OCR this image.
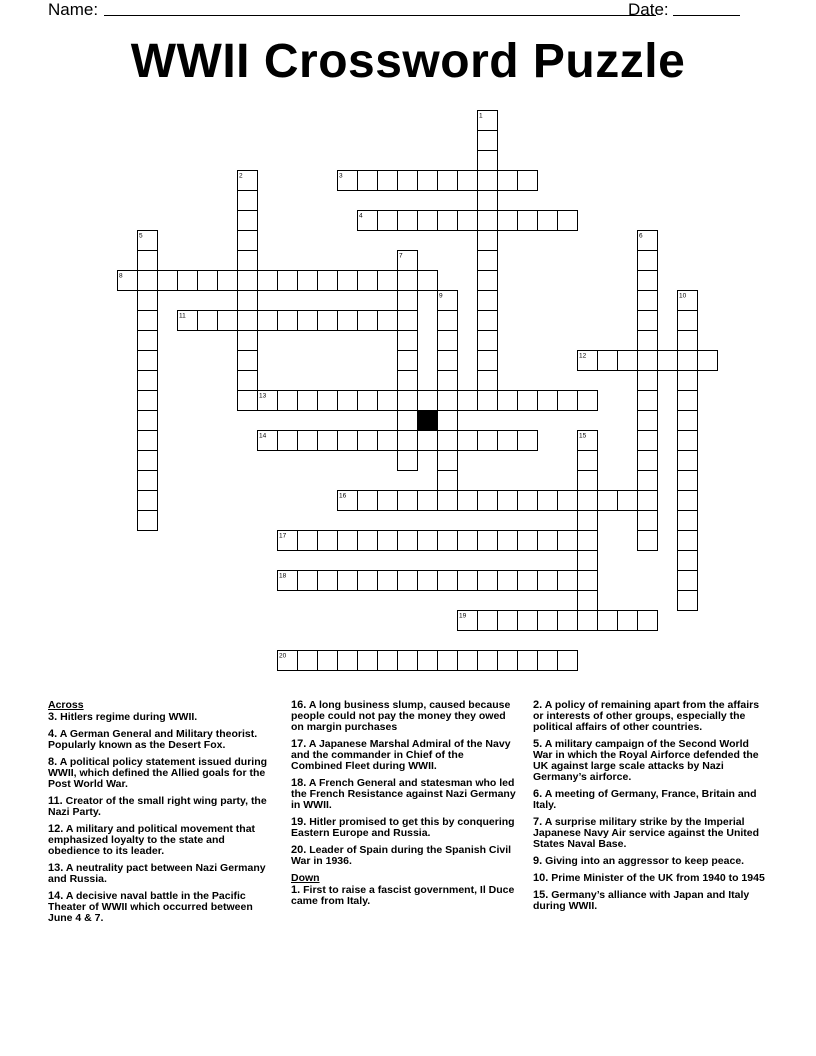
Name:	Date:
WWII Crossword Puzzle
1
2	3
4
5	6
7
8
9	10
11
12
13
14	15
16
17
18
19
20
Across
3. Hitlers regime during WWII.
4. A German General and Military theorist. Popularly known as the Desert Fox.
8. A political policy statement issued during WWII, which defined the Allied goals for the Post World War.
11. Creator of the small right wing party, the Nazi Party.
12. A military and political movement that emphasized loyalty to the state and obedience to its leader.
13. A neutrality pact between Nazi Germany and Russia.
14. A decisive naval battle in the Pacific Theater of WWII which occurred between June 4 & 7.
16. A long business slump, caused because people could not pay the money they owed on margin purchases
17. A Japanese Marshal Admiral of the Navy and the commander in Chief of the Combined Fleet during WWII.
18. A French General and statesman who led the French Resistance against Nazi Germany in WWII.
19. Hitler promised to get this by conquering Eastern Europe and Russia.
20. Leader of Spain during the Spanish Civil War in 1936.
Down
1. First to raise a fascist government, Il Duce came from Italy.
2. A policy of remaining apart from the affairs or interests of other groups, especially the political affairs of other countries.
5. A military campaign of the Second World War in which the Royal Airforce defended the UK against large scale attacks by Nazi Germany’s airforce.
6. A meeting of Germany, France, Britain and Italy.
7. A surprise military strike by the Imperial Japanese Navy Air service against the United States Naval Base.
9. Giving into an aggressor to keep peace.
10. Prime Minister of the UK from 1940 to 1945
15. Germany’s alliance with Japan and Italy during WWII.
